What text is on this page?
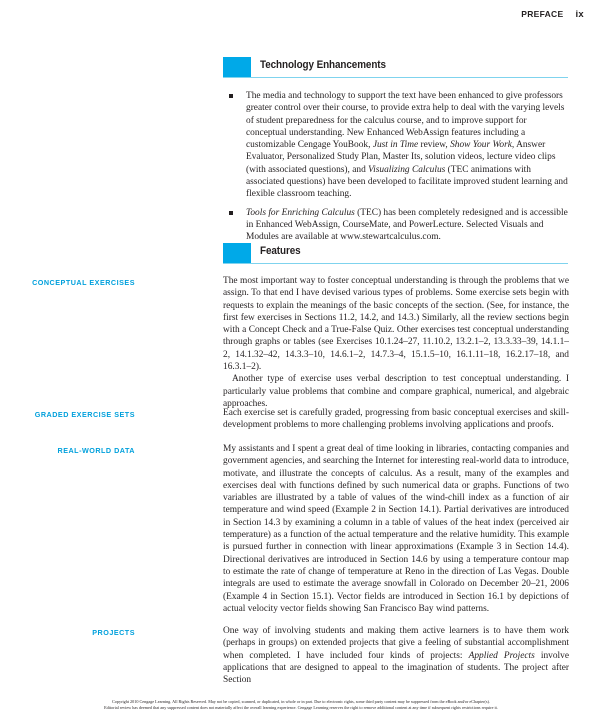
PREFACE ix
Technology Enhancements
The media and technology to support the text have been enhanced to give professors greater control over their course, to provide extra help to deal with the varying levels of student preparedness for the calculus course, and to improve support for conceptual understanding. New Enhanced WebAssign features including a customizable Cengage YouBook, Just in Time review, Show Your Work, Answer Evaluator, Personalized Study Plan, Master Its, solution videos, lecture video clips (with associated questions), and Visualizing Calculus (TEC animations with associated questions) have been developed to facilitate improved student learning and flexible classroom teaching.
Tools for Enriching Calculus (TEC) has been completely redesigned and is accessible in Enhanced WebAssign, CourseMate, and PowerLecture. Selected Visuals and Modules are available at www.stewartcalculus.com.
Features
CONCEPTUAL EXERCISES	The most important way to foster conceptual understanding is through the problems that we assign. To that end I have devised various types of problems. Some exercise sets begin with requests to explain the meanings of the basic concepts of the section. (See, for instance, the first few exercises in Sections 11.2, 14.2, and 14.3.) Similarly, all the review sections begin with a Concept Check and a True-False Quiz. Other exercises test conceptual understanding through graphs or tables (see Exercises 10.1.24–27, 11.10.2, 13.2.1–2, 13.3.33–39, 14.1.1–2, 14.1.32–42, 14.3.3–10, 14.6.1–2, 14.7.3–4, 15.1.5–10, 16.1.11–18, 16.2.17–18, and 16.3.1–2).
Another type of exercise uses verbal description to test conceptual understanding. I particularly value problems that combine and compare graphical, numerical, and algebraic approaches.

GRADED EXERCISE SETS	Each exercise set is carefully graded, progressing from basic conceptual exercises and skill-development problems to more challenging problems involving applications and proofs.

REAL-WORLD DATA	My assistants and I spent a great deal of time looking in libraries, contacting companies and government agencies, and searching the Internet for interesting real-world data to introduce, motivate, and illustrate the concepts of calculus. As a result, many of the examples and exercises deal with functions defined by such numerical data or graphs. Functions of two variables are illustrated by a table of values of the wind-chill index as a function of air temperature and wind speed (Example 2 in Section 14.1). Partial derivatives are introduced in Section 14.3 by examining a column in a table of values of the heat index (perceived air temperature) as a function of the actual temperature and the relative humidity. This example is pursued further in connection with linear approximations (Example 3 in Section 14.4). Directional derivatives are introduced in Section 14.6 by using a temperature contour map to estimate the rate of change of temperature at Reno in the direction of Las Vegas. Double integrals are used to estimate the average snowfall in Colorado on December 20–21, 2006 (Example 4 in Section 15.1). Vector fields are introduced in Section 16.1 by depictions of actual velocity vector fields showing San Francisco Bay wind patterns.

PROJECTS	One way of involving students and making them active learners is to have them work (perhaps in groups) on extended projects that give a feeling of substantial accomplishment when completed. I have included four kinds of projects: Applied Projects involve applications that are designed to appeal to the imagination of students. The project after Section

Copyright 2010 Cengage Learning. All Rights Reserved. May not be copied, scanned, or duplicated, in whole or in part. Due to electronic rights, some third party content may be suppressed from the eBook and/or eChapter(s).
Editorial review has deemed that any suppressed content does not materially affect the overall learning experience. Cengage Learning reserves the right to remove additional content at any time if subsequent rights restrictions require it.
